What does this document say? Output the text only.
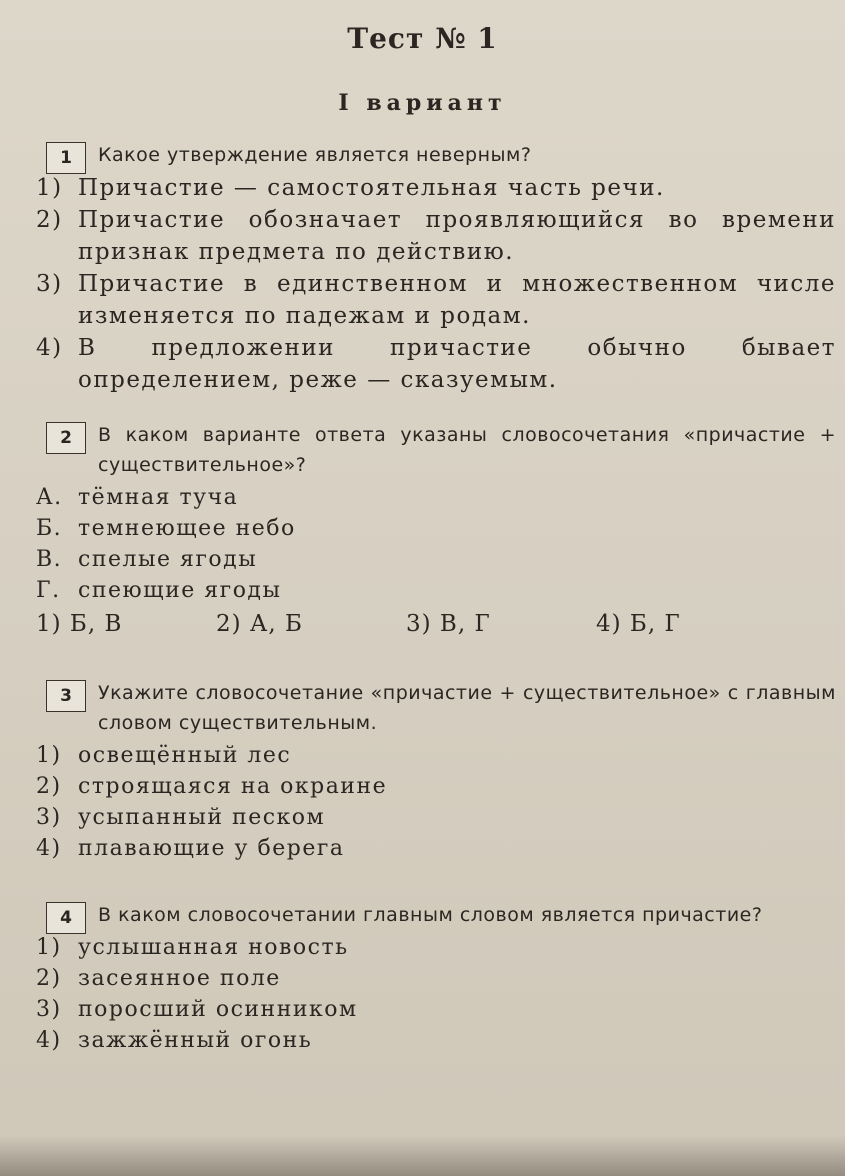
Тест № 1
I вариант
1	Какое утверждение является неверным?
1) Причастие — самостоятельная часть речи.
2) Причастие обозначает проявляющийся во времени признак предмета по действию.
3) Причастие в единственном и множественном числе изменяется по падежам и родам.
4) В предложении причастие обычно бывает определением, реже — сказуемым.
2	В каком варианте ответа указаны словосочетания «причастие + существительное»?
А. тёмная туча
Б. темнеющее небо
В. спелые ягоды
Г. спеющие ягоды
1) Б, В	2) А, Б	3) В, Г	4) Б, Г
3	Укажите словосочетание «причастие + существительное» с главным словом существительным.
1) освещённый лес
2) строящаяся на окраине
3) усыпанный песком
4) плавающие у берега
4	В каком словосочетании главным словом является причастие?
1) услышанная новость
2) засеянное поле
3) поросший осинником
4) зажжённый огонь
